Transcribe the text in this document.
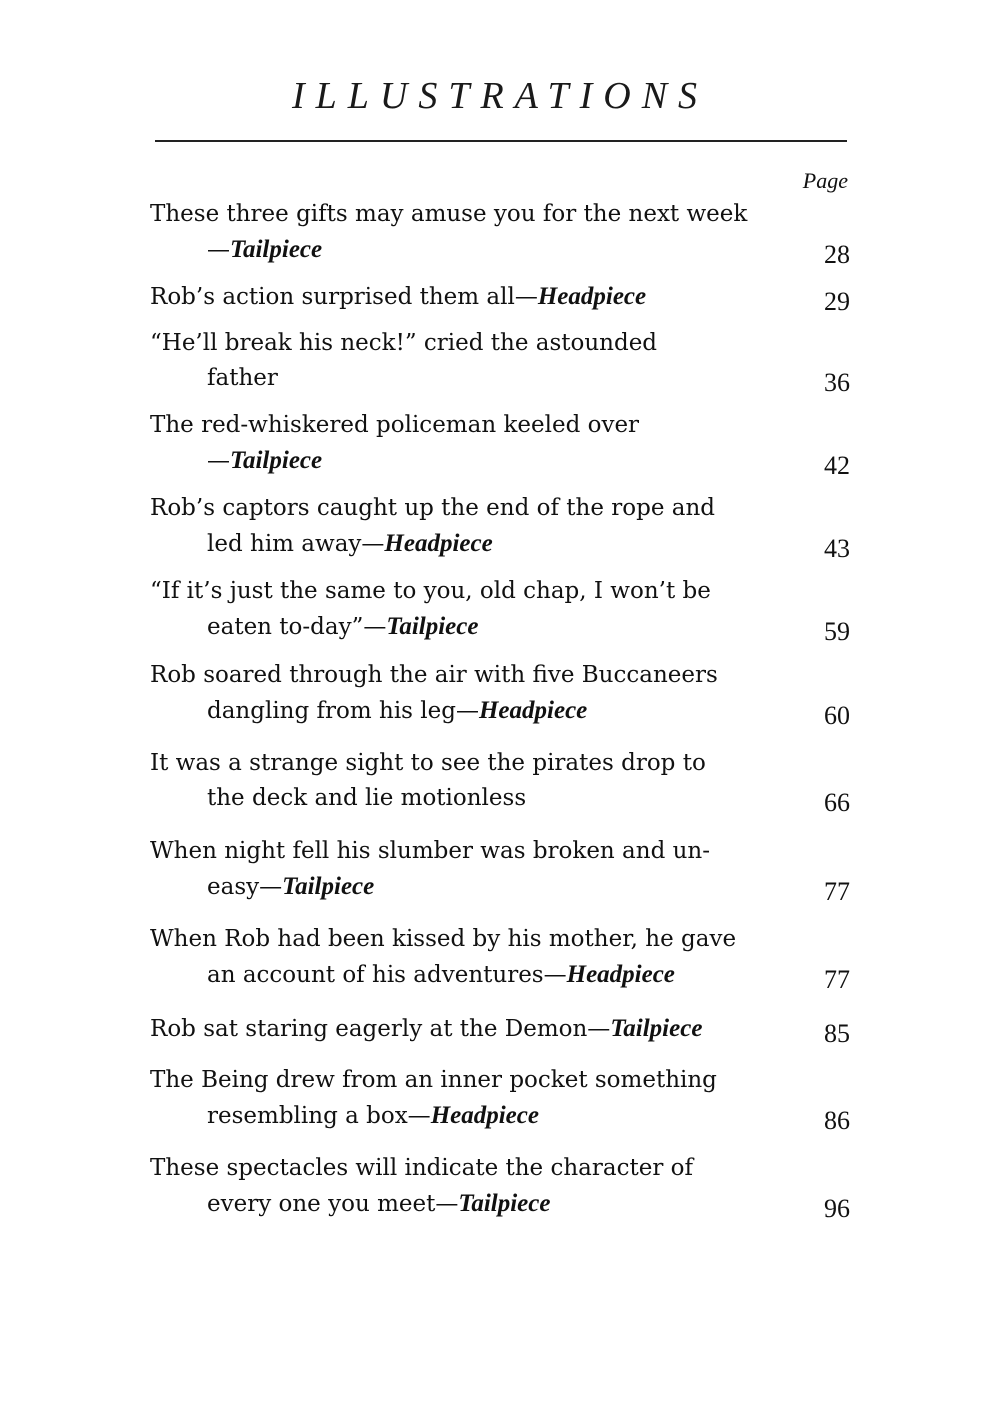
ILLUSTRATIONS
Page
These three gifts may amuse you for the next week
—Tailpiece	28
Rob’s action surprised them all—Headpiece	29
“He’ll break his neck!” cried the astounded
father	36
The red-whiskered policeman keeled over
—Tailpiece	42
Rob’s captors caught up the end of the rope and
led him away—Headpiece	43
“If it’s just the same to you, old chap, I won’t be
eaten to-day”—Tailpiece	59
Rob soared through the air with five Buccaneers
dangling from his leg—Headpiece	60
It was a strange sight to see the pirates drop to
the deck and lie motionless	66
When night fell his slumber was broken and un-
easy—Tailpiece	77
When Rob had been kissed by his mother, he gave
an account of his adventures—Headpiece	77
Rob sat staring eagerly at the Demon—Tailpiece	85
The Being drew from an inner pocket something
resembling a box—Headpiece	86
These spectacles will indicate the character of
every one you meet—Tailpiece	96
